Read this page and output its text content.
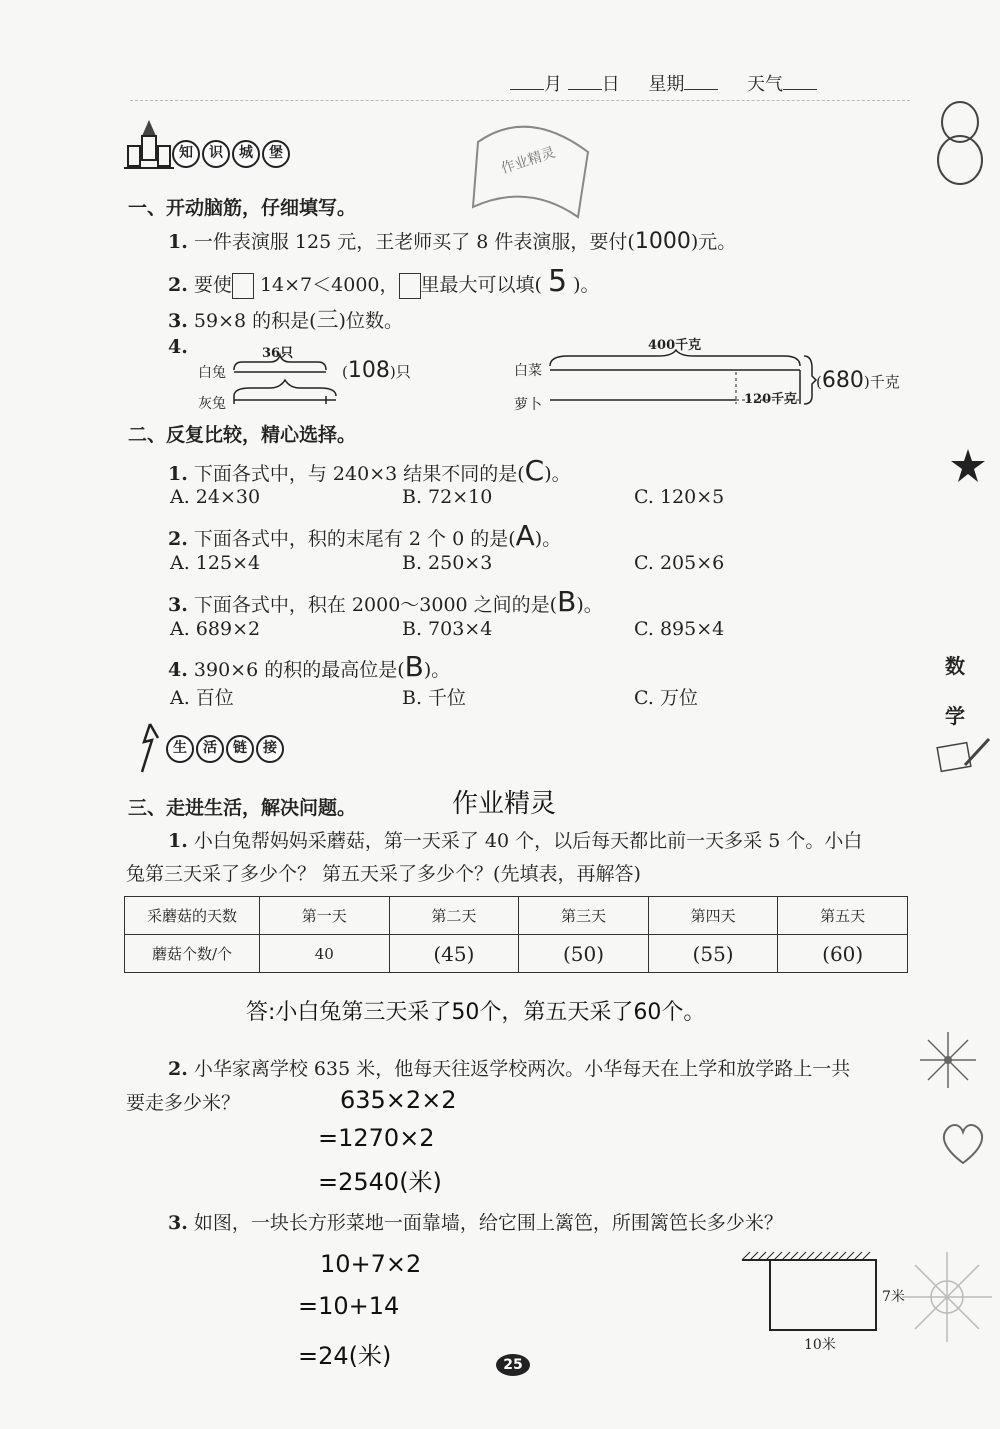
月 日 星期	天气
知 识 城 堡	作业精灵
一、开动脑筋，仔细填写。
1. 一件表演服 125 元，王老师买了 8 件表演服，要付(1000)元。
2. 要使 14×7＜4000， 里最大可以填( 5 )。
3. 59×8 的积是(三)位数。
4.
白兔
灰兔
36只
(108)只	白菜
萝卜
400千克
120千克
(680)千克
二、反复比较，精心选择。
1. 下面各式中，与 240×3 结果不同的是(C)。
A. 24×30	B. 72×10	C. 120×5
2. 下面各式中，积的末尾有 2 个 0 的是(A)。
A. 125×4	B. 250×3	C. 205×6
3. 下面各式中，积在 2000～3000 之间的是(B)。
A. 689×2	B. 703×4	C. 895×4
4. 390×6 的积的最高位是(B)。
A. 百位	B. 千位	C. 万位
生 活 链 接
三、走进生活，解决问题。	作业精灵
1. 小白兔帮妈妈采蘑菇，第一天采了 40 个，以后每天都比前一天多采 5 个。小白
兔第三天采了多少个？ 第五天采了多少个？(先填表，再解答)
采蘑菇的天数	第一天	第二天	第三天	第四天	第五天
蘑菇个数/个	40	(45)	(50)	(55)	(60)
答:小白兔第三天采了50个，第五天采了60个。
2. 小华家离学校 635 米，他每天往返学校两次。小华每天在上学和放学路上一共
要走多少米？	635×2×2
=1270×2
=2540(米)
3. 如图，一块长方形菜地一面靠墙，给它围上篱笆，所围篱笆长多少米？
10+7×2
=10+14
=24(米)
7米
10米
数
学
25
